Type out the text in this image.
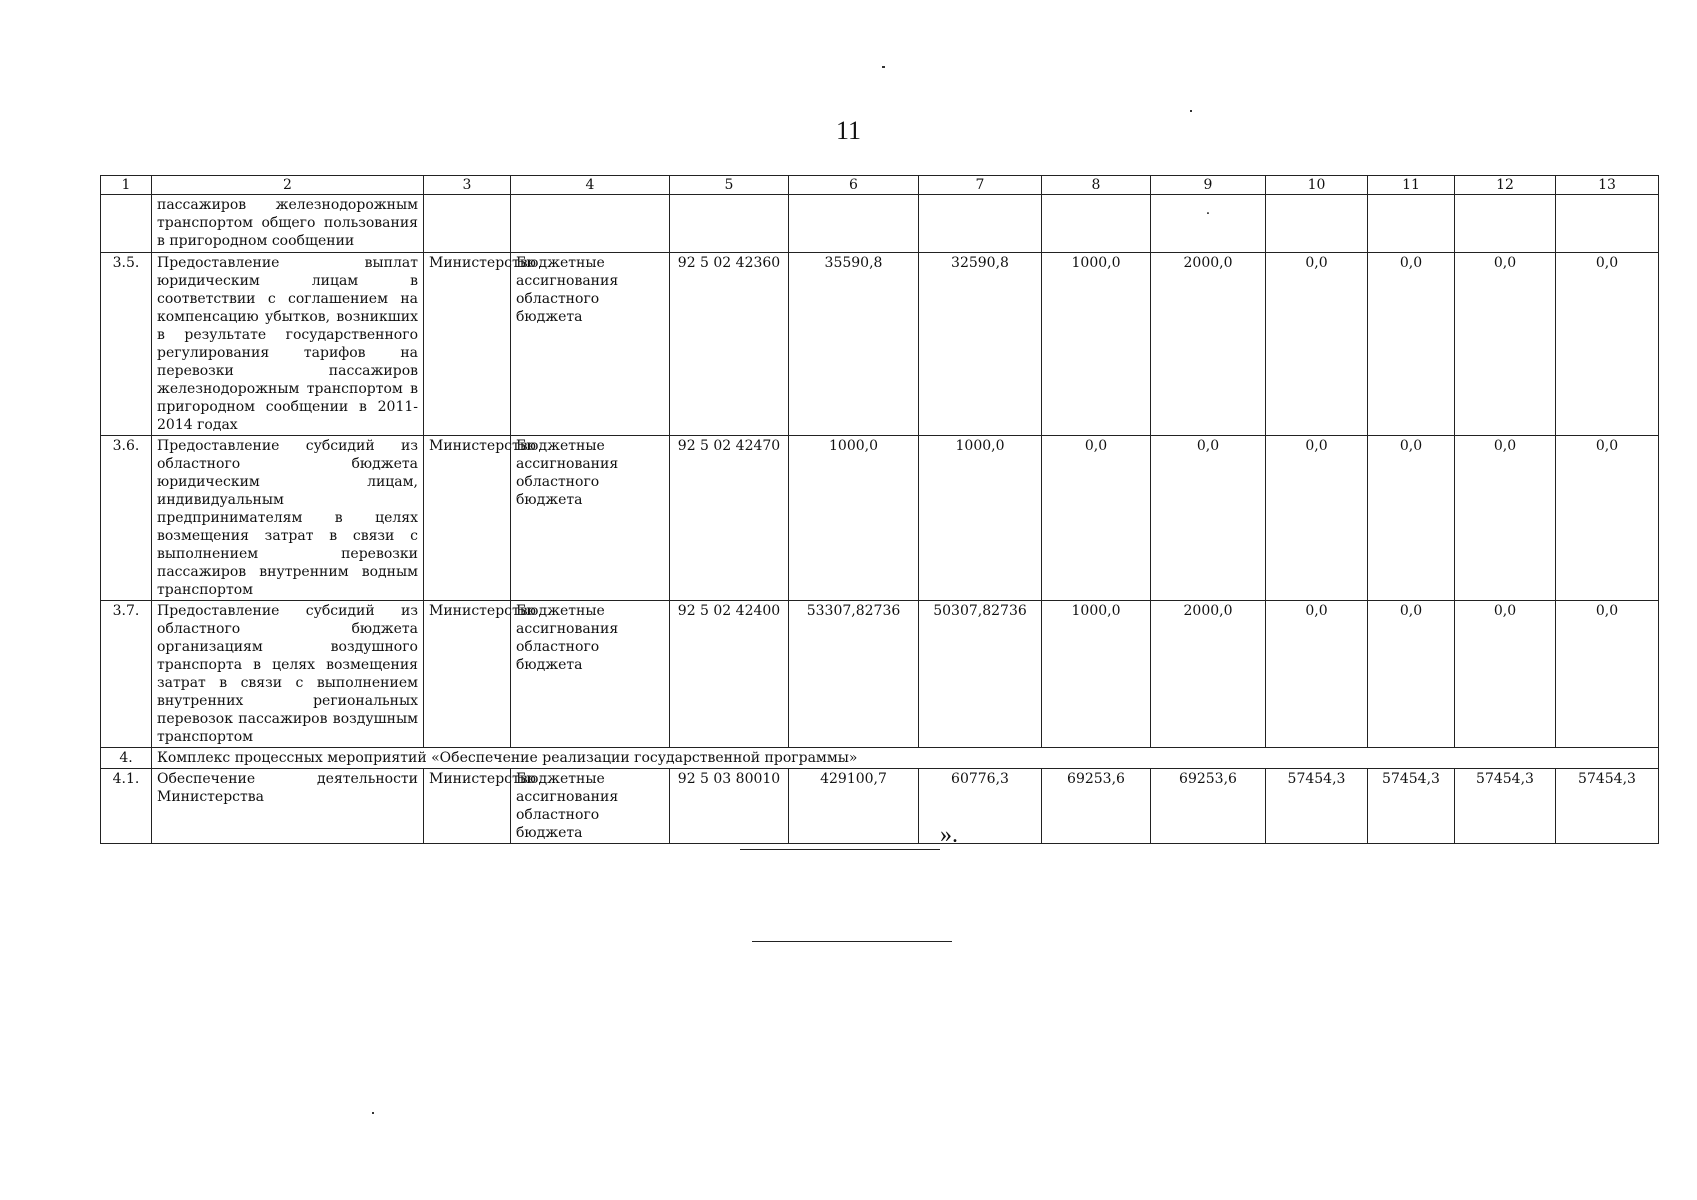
11
1	2	3	4	5	6	7	8	9	10	11	12	13
	пассажиров железнодорожным транспортом общего пользования в пригородном сообщении							.				
3.5.	Предоставление выплат юридическим лицам в соответствии с соглашением на компенсацию убытков, возникших в результате государственного регулирования тарифов на перевозки пассажиров железнодорожным транспортом в пригородном сообщении в 2011-2014 годах	Министерство	Бюджетные ассигнования областного бюджета	92 5 02 42360	35590,8	32590,8	1000,0	2000,0	0,0	0,0	0,0	0,0
3.6.	Предоставление субсидий из областного бюджета юридическим лицам, индивидуальным предпринимателям в целях возмещения затрат в связи с выполнением перевозки пассажиров внутренним водным транспортом	Министерство	Бюджетные ассигнования областного бюджета	92 5 02 42470	1000,0	1000,0	0,0	0,0	0,0	0,0	0,0	0,0
3.7.	Предоставление субсидий из областного бюджета организациям воздушного транспорта в целях возмещения затрат в связи с выполнением внутренних региональных перевозок пассажиров воздушным транспортом	Министерство	Бюджетные ассигнования областного бюджета	92 5 02 42400	53307,82736	50307,82736	1000,0	2000,0	0,0	0,0	0,0	0,0
4.	Комплекс процессных мероприятий «Обеспечение реализации государственной программы»											
4.1.	Обеспечение деятельности Министерства	Министерство	Бюджетные ассигнования областного бюджета	92 5 03 80010	429100,7	60776,3	69253,6	69253,6	57454,3	57454,3	57454,3	57454,3
».
